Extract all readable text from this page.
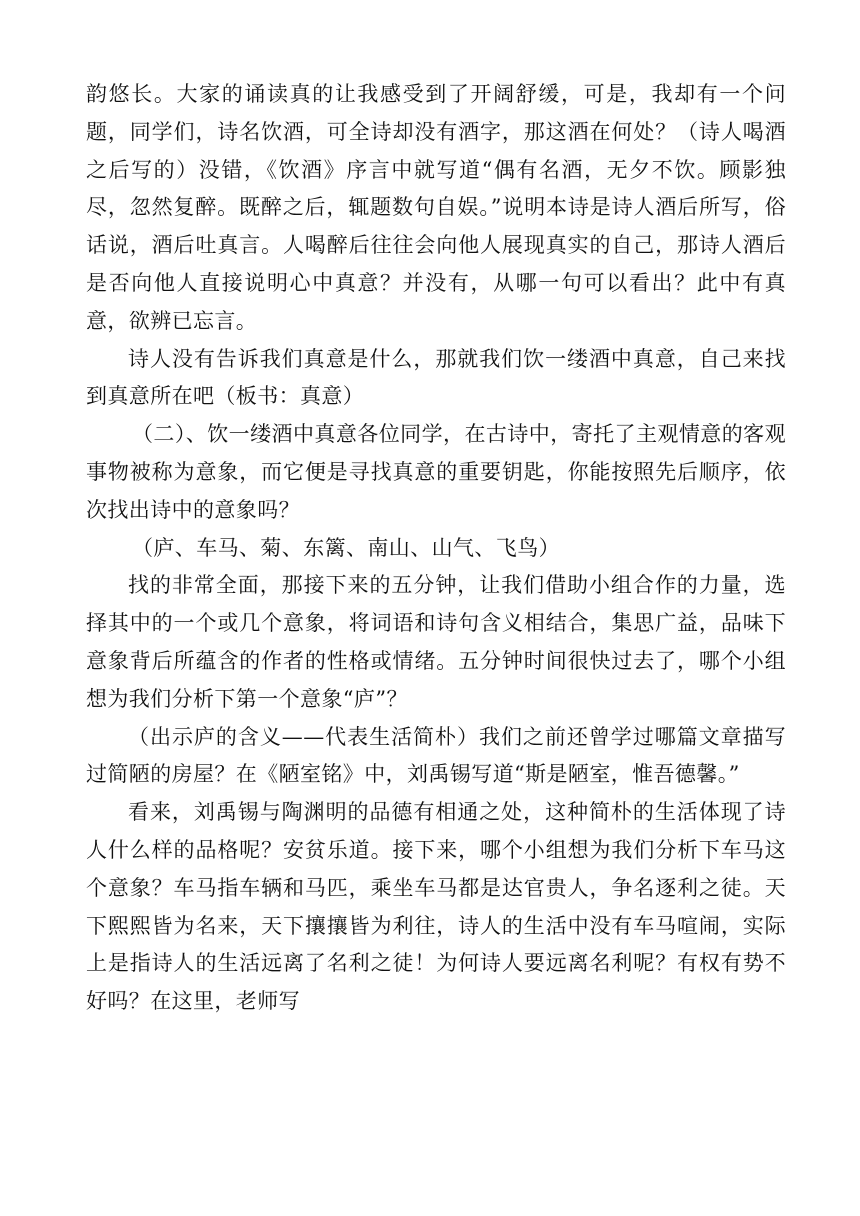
韵悠长。大家的诵读真的让我感受到了开阔舒缓，可是，我却有一个问题，同学们，诗名饮酒，可全诗却没有酒字，那这酒在何处？（诗人喝酒之后写的）没错，《饮酒》序言中就写道“偶有名酒，无夕不饮。顾影独尽，忽然复醉。既醉之后，辄题数句自娱。”说明本诗是诗人酒后所写，俗话说，酒后吐真言。人喝醉后往往会向他人展现真实的自己，那诗人酒后是否向他人直接说明心中真意？并没有，从哪一句可以看出？此中有真意，欲辨已忘言。

诗人没有告诉我们真意是什么，那就我们饮一缕酒中真意，自己来找到真意所在吧（板书：真意）

（二）、饮一缕酒中真意各位同学，在古诗中，寄托了主观情意的客观事物被称为意象，而它便是寻找真意的重要钥匙，你能按照先后顺序，依次找出诗中的意象吗？

（庐、车马、菊、东篱、南山、山气、飞鸟）

找的非常全面，那接下来的五分钟，让我们借助小组合作的力量，选择其中的一个或几个意象，将词语和诗句含义相结合，集思广益，品味下意象背后所蕴含的作者的性格或情绪。五分钟时间很快过去了，哪个小组想为我们分析下第一个意象“庐”？

（出示庐的含义——代表生活简朴）我们之前还曾学过哪篇文章描写过简陋的房屋？在《陋室铭》中，刘禹锡写道“斯是陋室，惟吾德馨。”

看来，刘禹锡与陶渊明的品德有相通之处，这种简朴的生活体现了诗人什么样的品格呢？安贫乐道。接下来，哪个小组想为我们分析下车马这个意象？车马指车辆和马匹，乘坐车马都是达官贵人，争名逐利之徒。天下熙熙皆为名来，天下攘攘皆为利往，诗人的生活中没有车马喧闹，实际上是指诗人的生活远离了名利之徒！为何诗人要远离名利呢？有权有势不好吗？在这里，老师写
